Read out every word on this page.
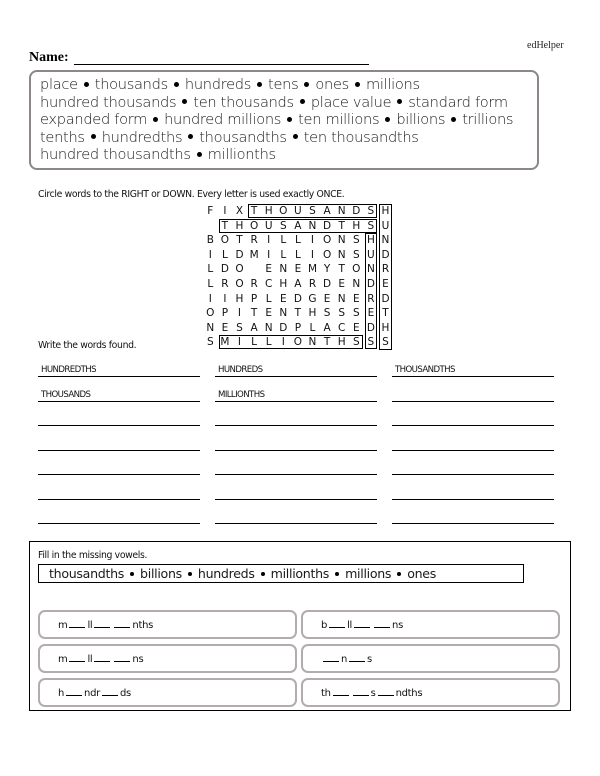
edHelper
Name:
place thousands hundreds tens ones millions
hundred thousands ten thousands place value standard form
expanded form hundred millions ten millions billions trillions
tenths hundredths thousandths ten thousandths
hundred thousandths millionths
Circle words to the RIGHT or DOWN. Every letter is used exactly ONCE.
F I X T H O U S A N D S H
T H O U S A N D T H S U
B O T R I L L I O N S H N
I L D M I L L I O N S U D
L D O	E N E M Y T O N R
L R O R C H A R D E N D E
I	I H P L E D G E N E R D
O P I T E N T H S S S E T
N E S A N D P L A C E D H
S M I L L I O N T H S S S
Write the words found.
HUNDREDTHS	HUNDREDS	THOUSANDTHS
THOUSANDS	MILLIONTHS
Fill in the missing vowels.
thousandths billions hundreds millionths millions ones
m ll	nths	b ll	ns
m ll	ns	n s
h ndr ds	th	s ndths
